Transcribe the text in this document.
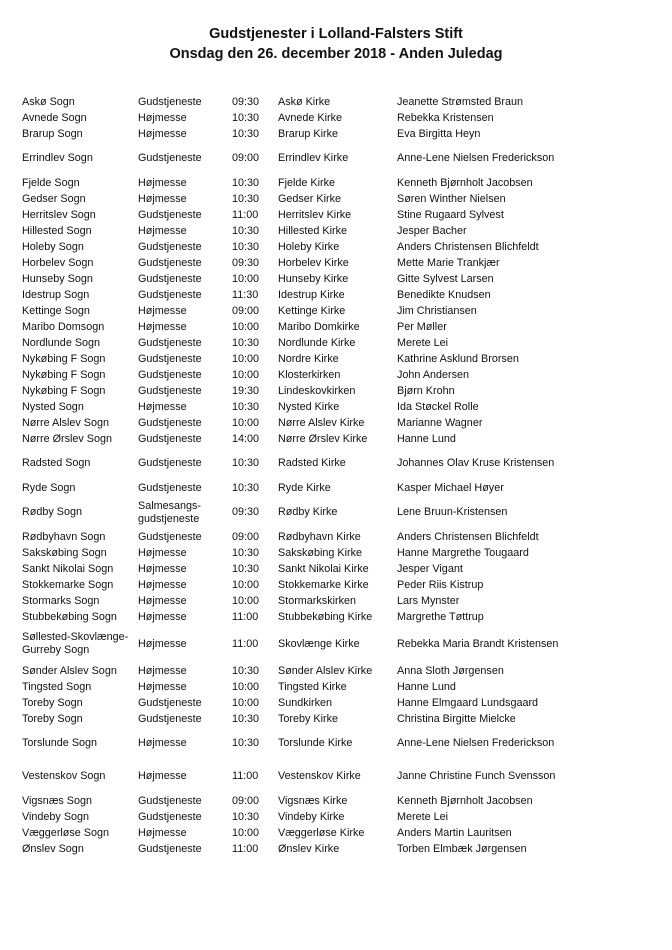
Gudstjenester i Lolland-Falsters Stift
Onsdag den 26. december 2018 - Anden Juledag
Askø Sogn	Gudstjeneste	09:30	Askø Kirke	Jeanette Strømsted Braun
Avnede Sogn	Højmesse	10:30	Avnede Kirke	Rebekka Kristensen
Brarup Sogn	Højmesse	10:30	Brarup Kirke	Eva Birgitta Heyn
Errindlev Sogn	Gudstjeneste	09:00	Errindlev Kirke	Anne-Lene Nielsen Frederickson
Fjelde Sogn	Højmesse	10:30	Fjelde Kirke	Kenneth Bjørnholt Jacobsen
Gedser Sogn	Højmesse	10:30	Gedser Kirke	Søren Winther Nielsen
Herritslev Sogn	Gudstjeneste	11:00	Herritslev Kirke	Stine Rugaard Sylvest
Hillested Sogn	Højmesse	10:30	Hillested Kirke	Jesper Bacher
Holeby Sogn	Gudstjeneste	10:30	Holeby Kirke	Anders Christensen Blichfeldt
Horbelev Sogn	Gudstjeneste	09:30	Horbelev Kirke	Mette Marie Trankjær
Hunseby Sogn	Gudstjeneste	10:00	Hunseby Kirke	Gitte Sylvest Larsen
Idestrup Sogn	Gudstjeneste	11:30	Idestrup Kirke	Benedikte Knudsen
Kettinge Sogn	Højmesse	09:00	Kettinge Kirke	Jim Christiansen
Maribo Domsogn	Højmesse	10:00	Maribo Domkirke	Per Møller
Nordlunde Sogn	Gudstjeneste	10:30	Nordlunde Kirke	Merete Lei
Nykøbing F Sogn	Gudstjeneste	10:00	Nordre Kirke	Kathrine Asklund Brorsen
Nykøbing F Sogn	Gudstjeneste	10:00	Klosterkirken	John Andersen
Nykøbing F Sogn	Gudstjeneste	19:30	Lindeskovkirken	Bjørn Krohn
Nysted Sogn	Højmesse	10:30	Nysted Kirke	Ida Støckel Rolle
Nørre Alslev Sogn	Gudstjeneste	10:00	Nørre Alslev Kirke	Marianne Wagner
Nørre Ørslev Sogn	Gudstjeneste	14:00	Nørre Ørslev Kirke	Hanne Lund
Radsted Sogn	Gudstjeneste	10:30	Radsted Kirke	Johannes Olav Kruse Kristensen
Ryde Sogn	Gudstjeneste	10:30	Ryde Kirke	Kasper Michael Høyer
Rødby Sogn	Salmesangs-gudstjeneste	09:30	Rødby Kirke	Lene Bruun-Kristensen
Rødbyhavn Sogn	Gudstjeneste	09:00	Rødbyhavn Kirke	Anders Christensen Blichfeldt
Sakskøbing Sogn	Højmesse	10:30	Sakskøbing Kirke	Hanne Margrethe Tougaard
Sankt Nikolai Sogn	Højmesse	10:30	Sankt Nikolai Kirke	Jesper Vigant
Stokkemarke Sogn	Højmesse	10:00	Stokkemarke Kirke	Peder Riis Kistrup
Stormarks Sogn	Højmesse	10:00	Stormarkskirken	Lars Mynster
Stubbekøbing Sogn	Højmesse	11:00	Stubbekøbing Kirke	Margrethe Tøttrup
Søllested-Skovlænge-Gurreby Sogn	Højmesse	11:00	Skovlænge Kirke	Rebekka Maria Brandt Kristensen
Sønder Alslev Sogn	Højmesse	10:30	Sønder Alslev Kirke	Anna Sloth Jørgensen
Tingsted Sogn	Højmesse	10:00	Tingsted Kirke	Hanne Lund
Toreby Sogn	Gudstjeneste	10:00	Sundkirken	Hanne Elmgaard Lundsgaard
Toreby Sogn	Gudstjeneste	10:30	Toreby Kirke	Christina Birgitte Mielcke
Torslunde Sogn	Højmesse	10:30	Torslunde Kirke	Anne-Lene Nielsen Frederickson
Vestenskov Sogn	Højmesse	11:00	Vestenskov Kirke	Janne Christine Funch Svensson
Vigsnæs Sogn	Gudstjeneste	09:00	Vigsnæs Kirke	Kenneth Bjørnholt Jacobsen
Vindeby Sogn	Gudstjeneste	10:30	Vindeby Kirke	Merete Lei
Væggerløse Sogn	Højmesse	10:00	Væggerløse Kirke	Anders Martin Lauritsen
Ønslev Sogn	Gudstjeneste	11:00	Ønslev Kirke	Torben Elmbæk Jørgensen
